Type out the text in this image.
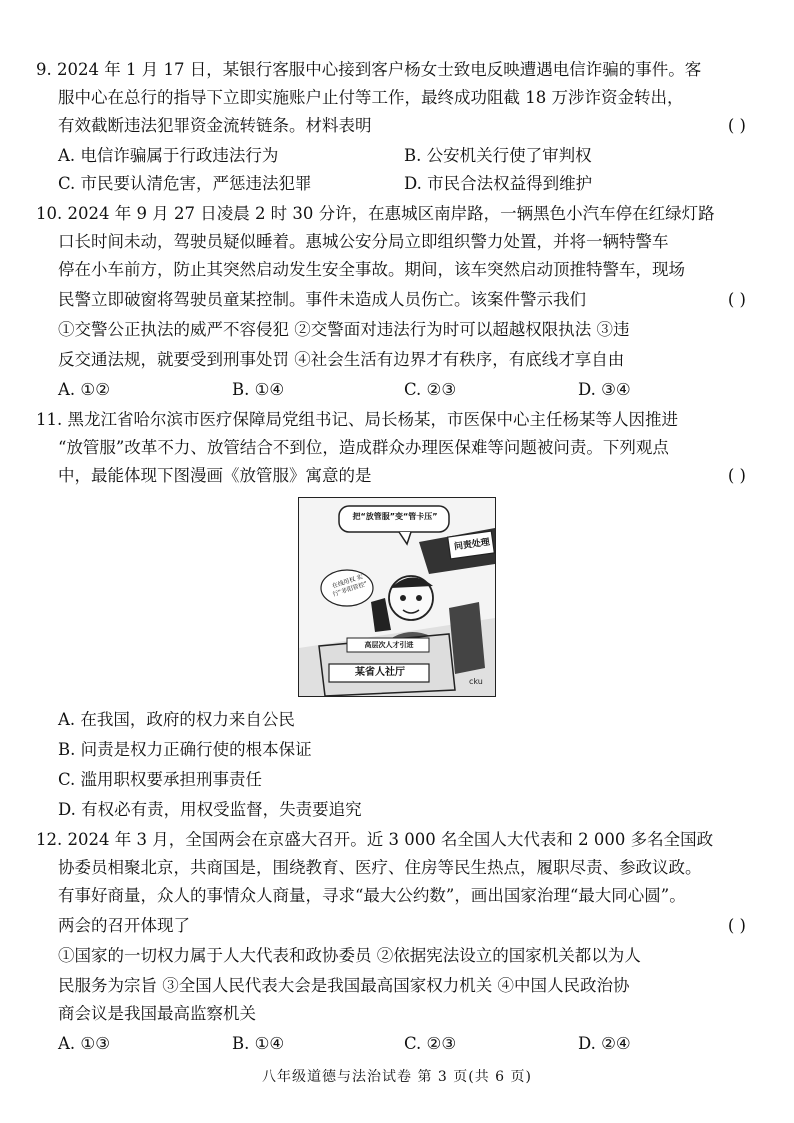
9. 2024 年 1 月 17 日，某银行客服中心接到客户杨女士致电反映遭遇电信诈骗的事件。客
服中心在总行的指导下立即实施账户止付等工作，最终成功阻截 18 万涉诈资金转出，
有效截断违法犯罪资金流转链条。材料表明	( )
A. 电信诈骗属于行政违法行为	B. 公安机关行使了审判权
C. 市民要认清危害，严惩违法犯罪	D. 市民合法权益得到维护
10. 2024 年 9 月 27 日凌晨 2 时 30 分许，在惠城区南岸路，一辆黑色小汽车停在红绿灯路
口长时间未动，驾驶员疑似睡着。惠城公安分局立即组织警力处置，并将一辆特警车
停在小车前方，防止其突然启动发生安全事故。期间，该车突然启动顶推特警车，现场
民警立即破窗将驾驶员童某控制。事件未造成人员伤亡。该案件警示我们	( )
①交警公正执法的威严不容侵犯 ②交警面对违法行为时可以超越权限执法 ③违
反交通法规，就要受到刑事处罚 ④社会生活有边界才有秩序，有底线才享自由
A. ①②	B. ①④	C. ②③	D. ③④
11. 黑龙江省哈尔滨市医疗保障局党组书记、局长杨某，市医保中心主任杨某等人因推进
“放管服”改革不力、放管结合不到位，造成群众办理医保难等问题被问责。下列观点
中，最能体现下图漫画《放管服》寓意的是	( )
cku
把“放管服”变“管卡压”
在线用权 实行“非阳管控”
问责处理
高层次人才引进
某省人社厅
A. 在我国，政府的权力来自公民
B. 问责是权力正确行使的根本保证
C. 滥用职权要承担刑事责任
D. 有权必有责，用权受监督，失责要追究
12. 2024 年 3 月，全国两会在京盛大召开。近 3 000 名全国人大代表和 2 000 多名全国政
协委员相聚北京，共商国是，围绕教育、医疗、住房等民生热点，履职尽责、参政议政。
有事好商量，众人的事情众人商量，寻求“最大公约数”，画出国家治理“最大同心圆”。
两会的召开体现了	( )
①国家的一切权力属于人大代表和政协委员 ②依据宪法设立的国家机关都以为人
民服务为宗旨 ③全国人民代表大会是我国最高国家权力机关 ④中国人民政治协
商会议是我国最高监察机关
A. ①③	B. ①④	C. ②③	D. ②④
八年级道德与法治试卷 第 3 页(共 6 页)
